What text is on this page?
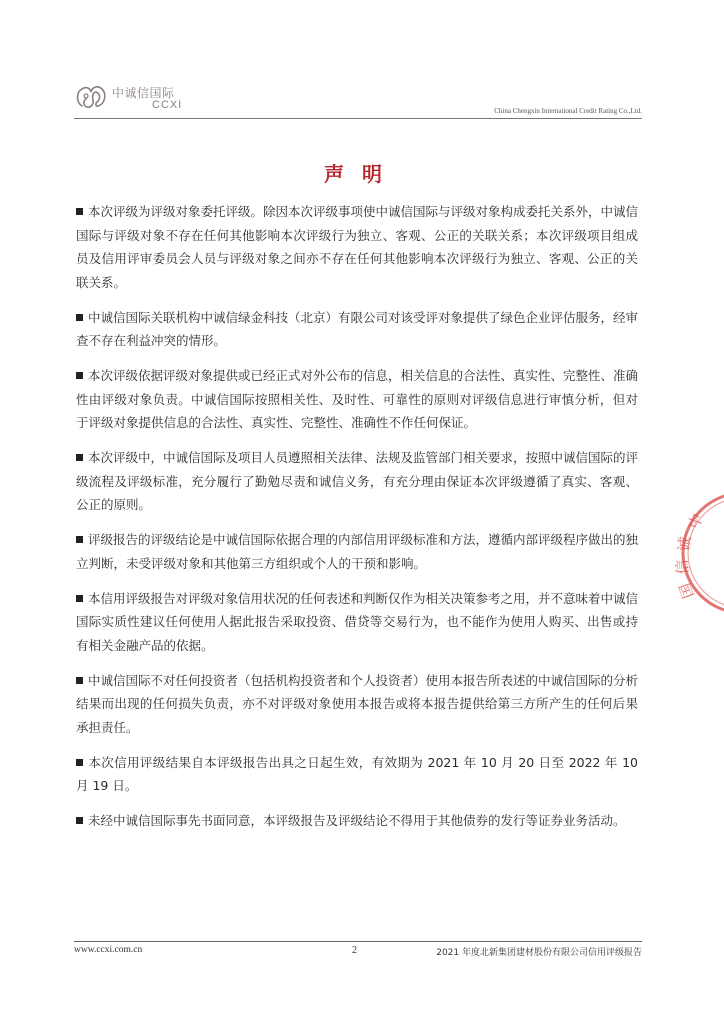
中诚信国际
CCXI	China Chengxin International Credit Rating Co.,Ltd.
声明

本次评级为评级对象委托评级。除因本次评级事项使中诚信国际与评级对象构成委托关系外，中诚信国际与评级对象不存在任何其他影响本次评级行为独立、客观、公正的关联关系；本次评级项目组成员及信用评审委员会人员与评级对象之间亦不存在任何其他影响本次评级行为独立、客观、公正的关联关系。

中诚信国际关联机构中诚信绿金科技（北京）有限公司对该受评对象提供了绿色企业评估服务，经审查不存在利益冲突的情形。

本次评级依据评级对象提供或已经正式对外公布的信息，相关信息的合法性、真实性、完整性、准确性由评级对象负责。中诚信国际按照相关性、及时性、可靠性的原则对评级信息进行审慎分析，但对于评级对象提供信息的合法性、真实性、完整性、准确性不作任何保证。

本次评级中，中诚信国际及项目人员遵照相关法律、法规及监管部门相关要求，按照中诚信国际的评级流程及评级标准，充分履行了勤勉尽责和诚信义务，有充分理由保证本次评级遵循了真实、客观、公正的原则。

评级报告的评级结论是中诚信国际依据合理的内部信用评级标准和方法，遵循内部评级程序做出的独立判断，未受评级对象和其他第三方组织或个人的干预和影响。

本信用评级报告对评级对象信用状况的任何表述和判断仅作为相关决策参考之用，并不意味着中诚信国际实质性建议任何使用人据此报告采取投资、借贷等交易行为，也不能作为使用人购买、出售或持有相关金融产品的依据。

中诚信国际不对任何投资者（包括机构投资者和个人投资者）使用本报告所表述的中诚信国际的分析结果而出现的任何损失负责，亦不对评级对象使用本报告或将本报告提供给第三方所产生的任何后果承担责任。

本次信用评级结果自本评级报告出具之日起生效，有效期为 2021 年 10 月 20 日至 2022 年 10 月 19 日。

未经中诚信国际事先书面同意，本评级报告及评级结论不得用于其他债券的发行等证券业务活动。

中
诚
信
国
www.ccxi.com.cn	2	2021 年度北新集团建材股份有限公司信用评级报告
